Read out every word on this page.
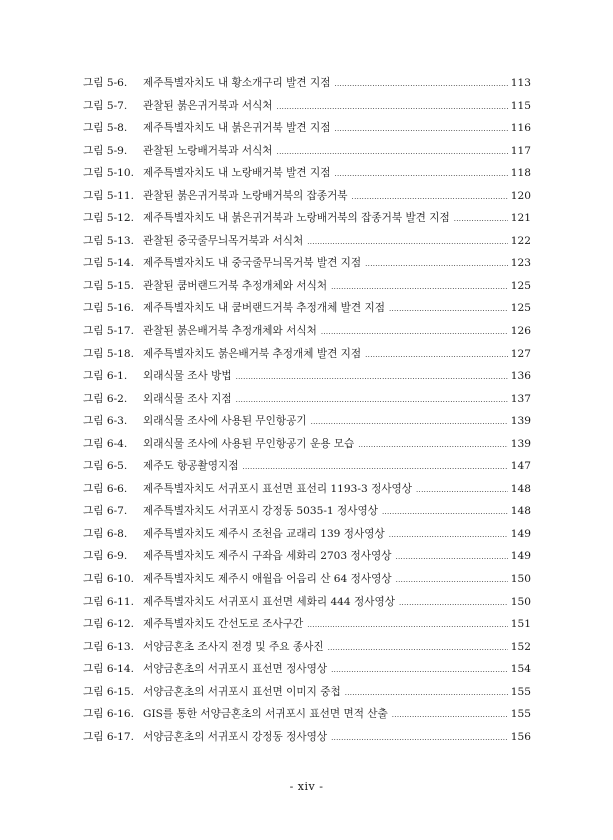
그림 5-6.	제주특별자치도 내 황소개구리 발견 지점 .....	113
그림 5-7.	관찰된 붉은귀거북과 서식처 .....	115
그림 5-8.	제주특별자치도 내 붉은귀거북 발견 지점 .....	116
그림 5-9.	관찰된 노랑배거북과 서식처 .....	117
그림 5-10. 제주특별자치도 내 노랑배거북 발견 지점 .....	118
그림 5-11. 관찰된 붉은귀거북과 노랑배거북의 잡종거북 .....	120
그림 5-12. 제주특별자치도 내 붉은귀거북과 노랑배거북의 잡종거북 발견 지점 .....	121
그림 5-13. 관찰된 중국줄무늬목거북과 서식처 .....	122
그림 5-14. 제주특별자치도 내 중국줄무늬목거북 발견 지점 .....	123
그림 5-15. 관찰된 쿰버랜드거북 추정개체와 서식처 .....	125
그림 5-16. 제주특별자치도 내 쿰버랜드거북 추정개체 발견 지점 .....	125
그림 5-17. 관찰된 붉은배거북 추정개체와 서식처 .....	126
그림 5-18. 제주특별자치도 붉은배거북 추정개체 발견 지점 .....	127
그림 6-1.	외래식물 조사 방법 .....	136
그림 6-2.	외래식물 조사 지점 .....	137
그림 6-3.	외래식물 조사에 사용된 무인항공기 .....	139
그림 6-4.	외래식물 조사에 사용된 무인항공기 운용 모습 .....	139
그림 6-5.	제주도 항공촬영지점 .....	147
그림 6-6.	제주특별자치도 서귀포시 표선면 표선리 1193-3 정사영상 .....	148
그림 6-7.	제주특별자치도 서귀포시 강정동 5035-1 정사영상 .....	148
그림 6-8.	제주특별자치도 제주시 조천읍 교래리 139 정사영상 .....	149
그림 6-9.	제주특별자치도 제주시 구좌읍 세화리 2703 정사영상 .....	149
그림 6-10. 제주특별자치도 제주시 애월읍 어음리 산 64 정사영상 .....	150
그림 6-11. 제주특별자치도 서귀포시 표선면 세화리 444 정사영상 .....	150
그림 6-12. 제주특별자치도 간선도로 조사구간 .....	151
그림 6-13. 서양금혼초 조사지 전경 및 주요 종사진 .....	152
그림 6-14. 서양금혼초의 서귀포시 표선면 정사영상 .....	154
그림 6-15. 서양금혼초의 서귀포시 표선면 이미지 중첩 .....	155
그림 6-16. GIS를 통한 서양금혼초의 서귀포시 표선면 면적 산출 .....	155
그림 6-17. 서양금혼초의 서귀포시 강정동 정사영상 .....	156
- xiv -
